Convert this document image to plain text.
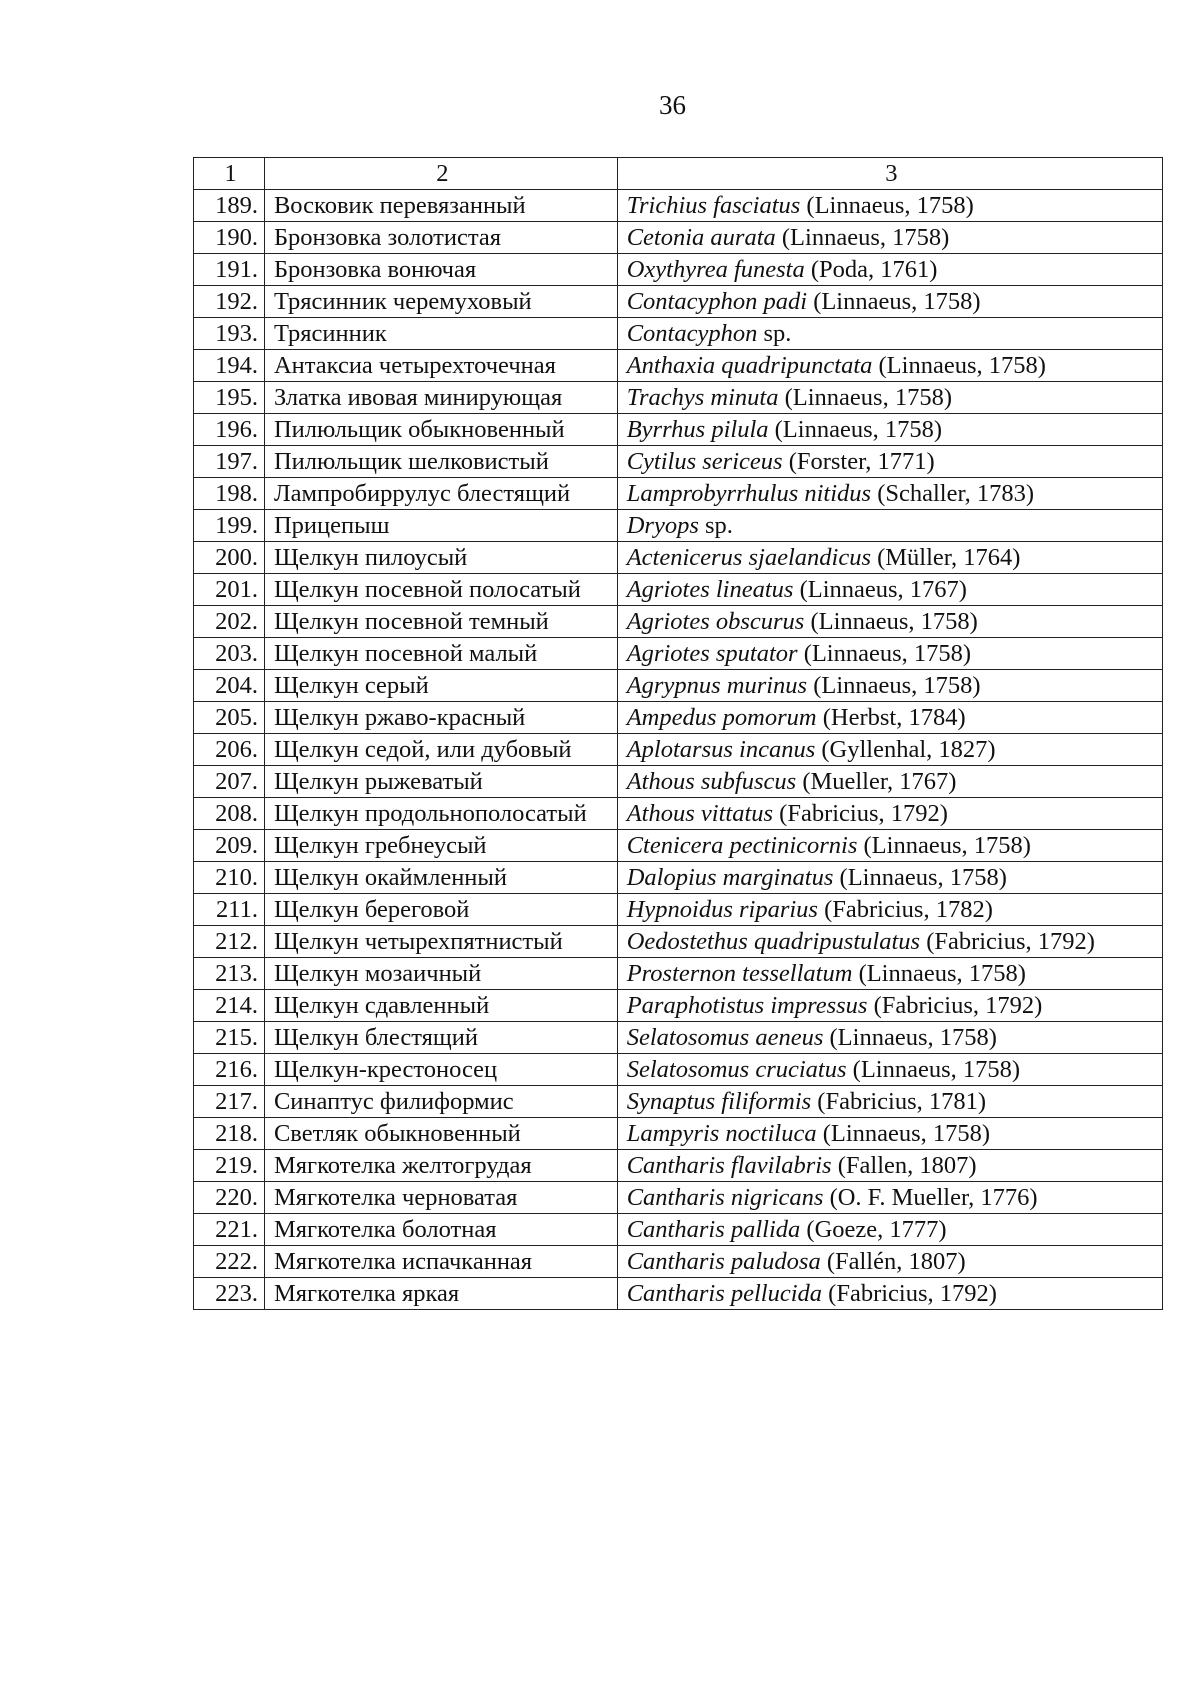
36
1	2	3
189.	Восковик перевязанный	Trichius fasciatus (Linnaeus, 1758)
190.	Бронзовка золотистая	Cetonia aurata (Linnaeus, 1758)
191.	Бронзовка вонючая	Oxythyrea funesta (Poda, 1761)
192.	Трясинник черемуховый	Contacyphon padi (Linnaeus, 1758)
193.	Трясинник	Contacyphon sp.
194.	Антаксиа четырехточечная	Anthaxia quadripunctata (Linnaeus, 1758)
195.	Златка ивовая минирующая	Trachys minuta (Linnaeus, 1758)
196.	Пилюльщик обыкновенный	Byrrhus pilula (Linnaeus, 1758)
197.	Пилюльщик шелковистый	Cytilus sericeus (Forster, 1771)
198.	Лампробиррулус блестящий	Lamprobyrrhulus nitidus (Schaller, 1783)
199.	Прицепыш	Dryops sp.
200.	Щелкун пилоусый	Actenicerus sjaelandicus (Müller, 1764)
201.	Щелкун посевной полосатый	Agriotes lineatus (Linnaeus, 1767)
202.	Щелкун посевной темный	Agriotes obscurus (Linnaeus, 1758)
203.	Щелкун посевной малый	Agriotes sputator (Linnaeus, 1758)
204.	Щелкун серый	Agrypnus murinus (Linnaeus, 1758)
205.	Щелкун ржаво-красный	Ampedus pomorum (Herbst, 1784)
206.	Щелкун седой, или дубовый	Aplotarsus incanus (Gyllenhal, 1827)
207.	Щелкун рыжеватый	Athous subfuscus (Mueller, 1767)
208.	Щелкун продольнополосатый	Athous vittatus (Fabricius, 1792)
209.	Щелкун гребнеусый	Ctenicera pectinicornis (Linnaeus, 1758)
210.	Щелкун окаймленный	Dalopius marginatus (Linnaeus, 1758)
211.	Щелкун береговой	Hypnoidus riparius (Fabricius, 1782)
212.	Щелкун четырехпятнистый	Oedostethus quadripustulatus (Fabricius, 1792)
213.	Щелкун мозаичный	Prosternon tessellatum (Linnaeus, 1758)
214.	Щелкун сдавленный	Paraphotistus impressus (Fabricius, 1792)
215.	Щелкун блестящий	Selatosomus aeneus (Linnaeus, 1758)
216.	Щелкун-крестоносец	Selatosomus cruciatus (Linnaeus, 1758)
217.	Синаптус филиформис	Synaptus filiformis (Fabricius, 1781)
218.	Светляк обыкновенный	Lampyris noctiluca (Linnaeus, 1758)
219.	Мягкотелка желтогрудая	Cantharis flavilabris (Fallen, 1807)
220.	Мягкотелка черноватая	Cantharis nigricans (O. F. Mueller, 1776)
221.	Мягкотелка болотная	Cantharis pallida (Goeze, 1777)
222.	Мягкотелка испачканная	Cantharis paludosa (Fallén, 1807)
223.	Мягкотелка яркая	Cantharis pellucida (Fabricius, 1792)
